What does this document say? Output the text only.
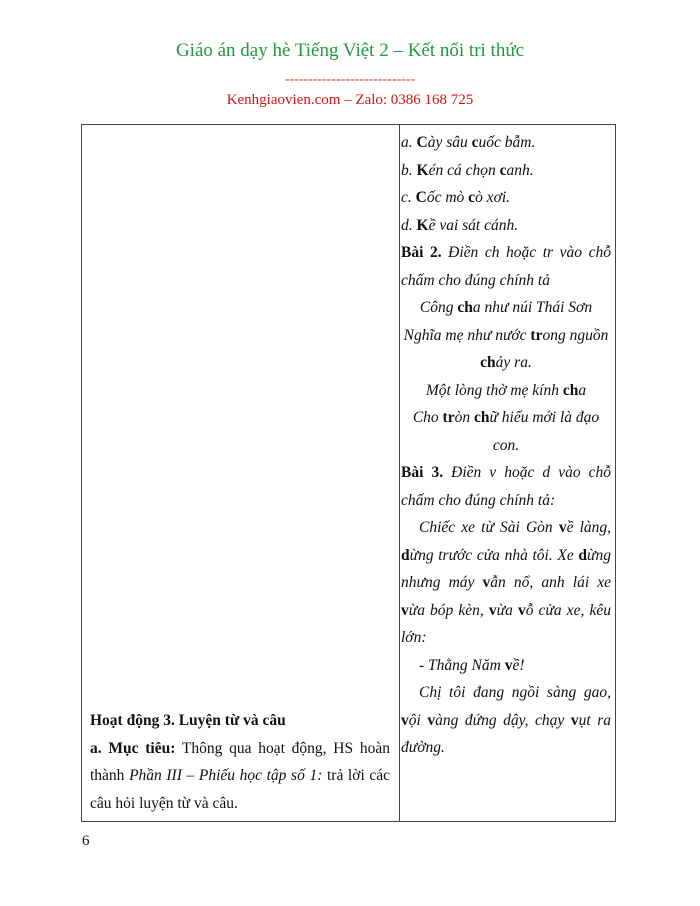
Giáo án dạy hè Tiếng Việt 2 – Kết nối tri thức
----------------------------
Kenhgiaovien.com – Zalo: 0386 168 725

a. Cày sâu cuốc bẫm.

b. Kén cá chọn canh.

c. Cốc mò cò xơi.

d. Kề vai sát cánh.

Bài 2. Điền ch hoặc tr vào chỗ chấm cho đúng chính tả

Công cha như núi Thái Sơn

Nghĩa mẹ như nước trong nguồn

chảy ra.

Một lòng thờ mẹ kính cha

Cho tròn chữ hiếu mới là đạo

con.

Bài 3. Điền v hoặc d vào chỗ chấm cho đúng chính tả:

Chiếc xe từ Sài Gòn về làng, dừng trước cửa nhà tôi. Xe dừng nhưng máy vẫn nổ, anh lái xe vừa bóp kèn, vừa vỗ cửa xe, kêu lớn:

- Thằng Năm về!

Chị tôi đang ngồi sàng gao, vội vàng đứng dậy, chạy vụt ra đường.

Hoạt động 3. Luyện từ và câu

a. Mục tiêu: Thông qua hoạt động, HS hoàn thành Phần III – Phiếu học tập số 1: trả lời các câu hỏi luyện từ và câu.

6
